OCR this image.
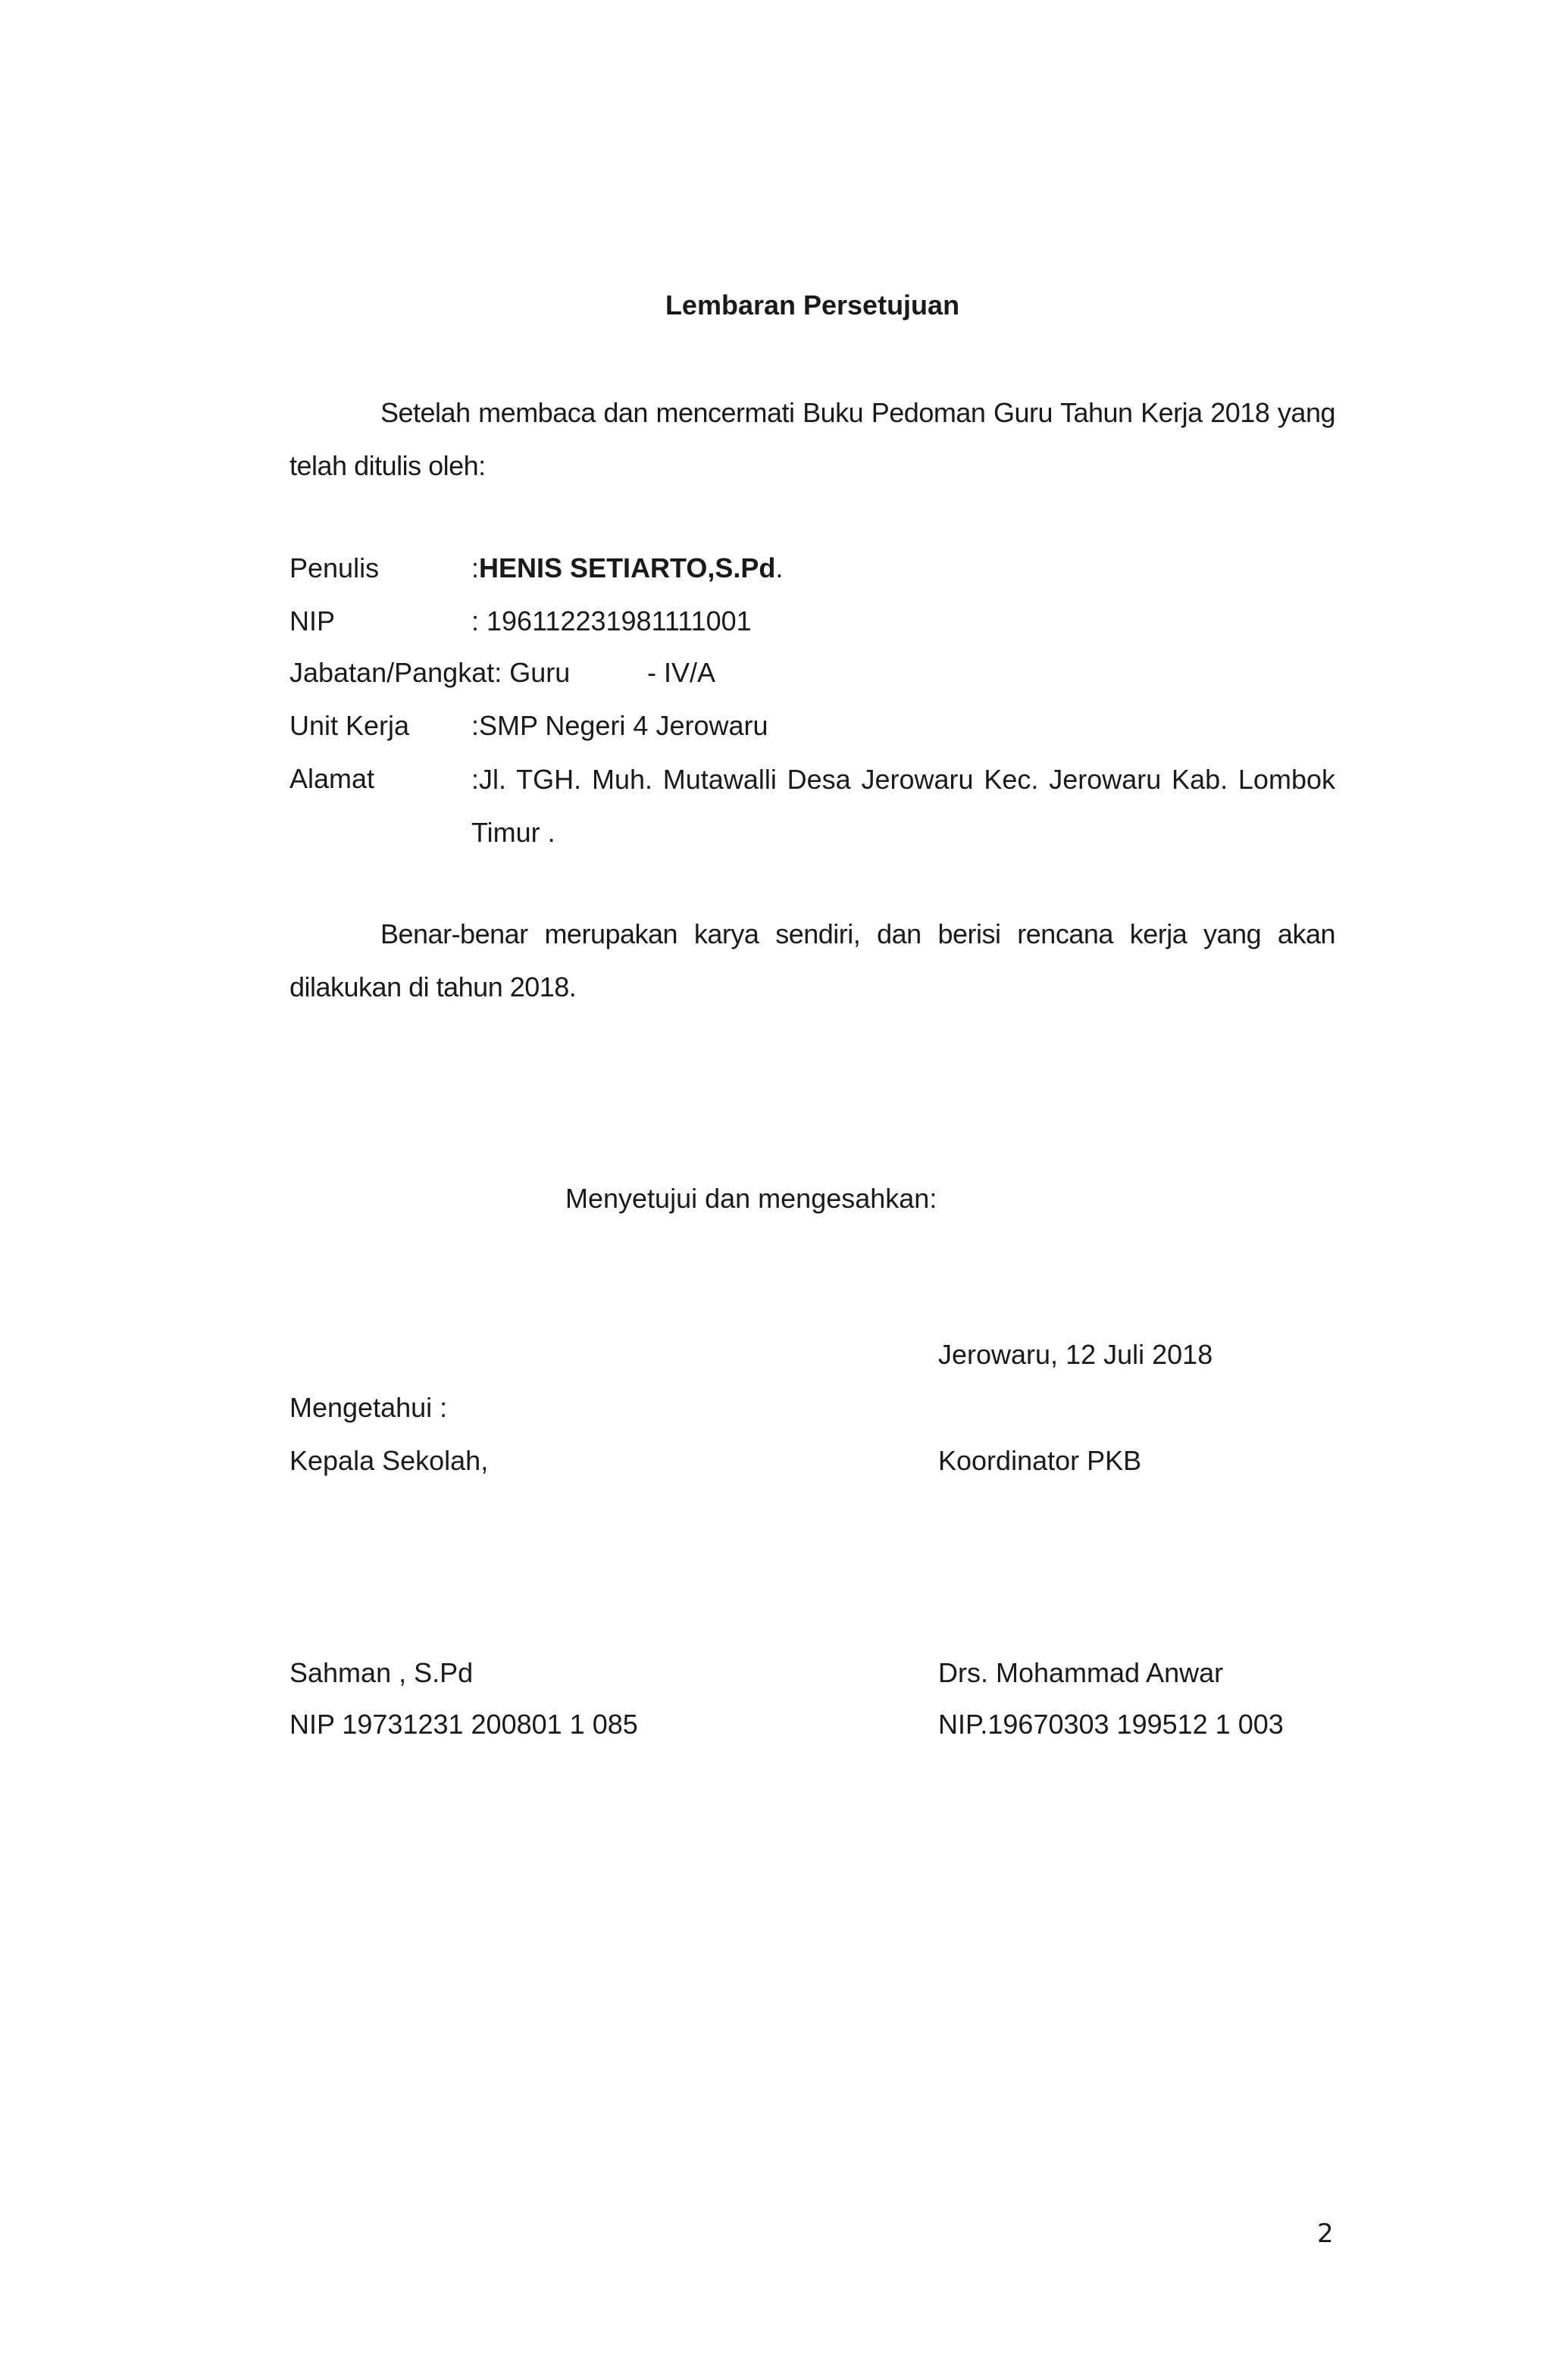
Lembaran Persetujuan
Setelah membaca dan mencermati Buku Pedoman Guru Tahun Kerja 2018 yang telah ditulis oleh:
Penulis	:HENIS SETIARTO,S.Pd.
NIP	: 196112231981111001
Jabatan/Pangkat: Guru	- IV/A
Unit Kerja :SMP Negeri 4 Jerowaru
Alamat	:Jl. TGH. Muh. Mutawalli Desa Jerowaru Kec. Jerowaru Kab. Lombok Timur .
Benar-benar merupakan karya sendiri, dan berisi rencana kerja yang akan dilakukan di tahun 2018.
Menyetujui dan mengesahkan:
Jerowaru, 12 Juli 2018
Mengetahui :
Kepala Sekolah,	Koordinator PKB
Sahman , S.Pd	Drs. Mohammad Anwar
NIP 19731231 200801 1 085	NIP.19670303 199512 1 003
2
